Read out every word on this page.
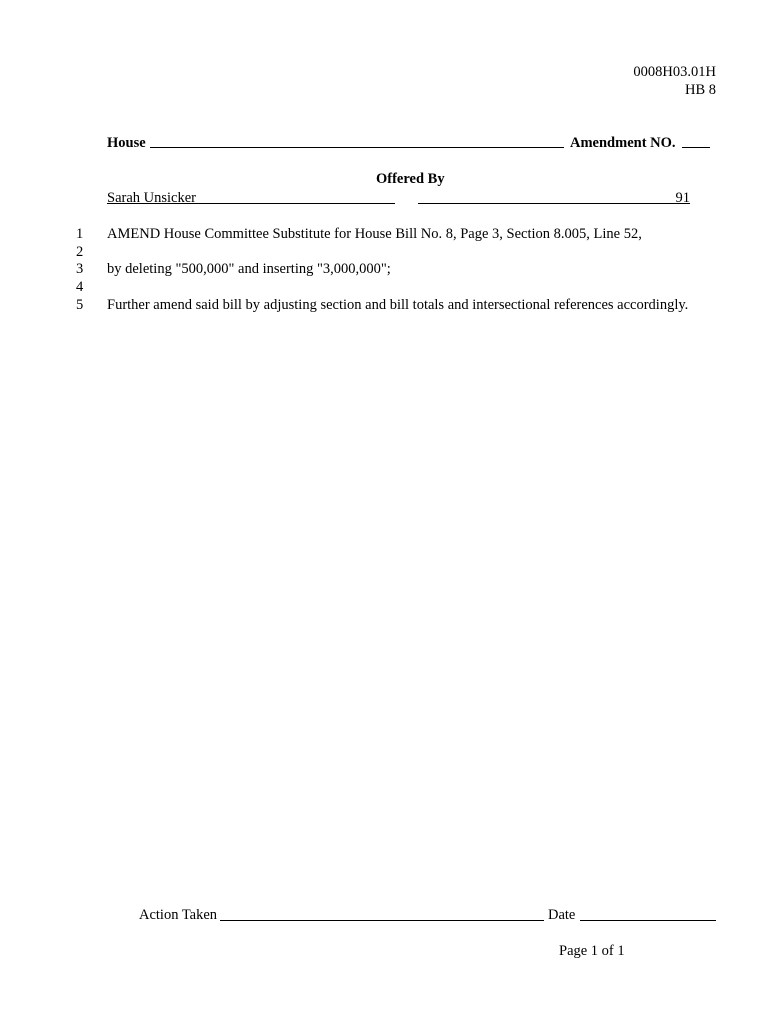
0008H03.01H
HB 8
House	Amendment NO.
Offered By
Sarah Unsicker	91
1 AMEND House Committee Substitute for House Bill No. 8, Page 3, Section 8.005, Line 52,
2
3 by deleting "500,000" and inserting "3,000,000";
4
5 Further amend said bill by adjusting section and bill totals and intersectional references accordingly.
Action Taken	Date
Page 1 of 1
